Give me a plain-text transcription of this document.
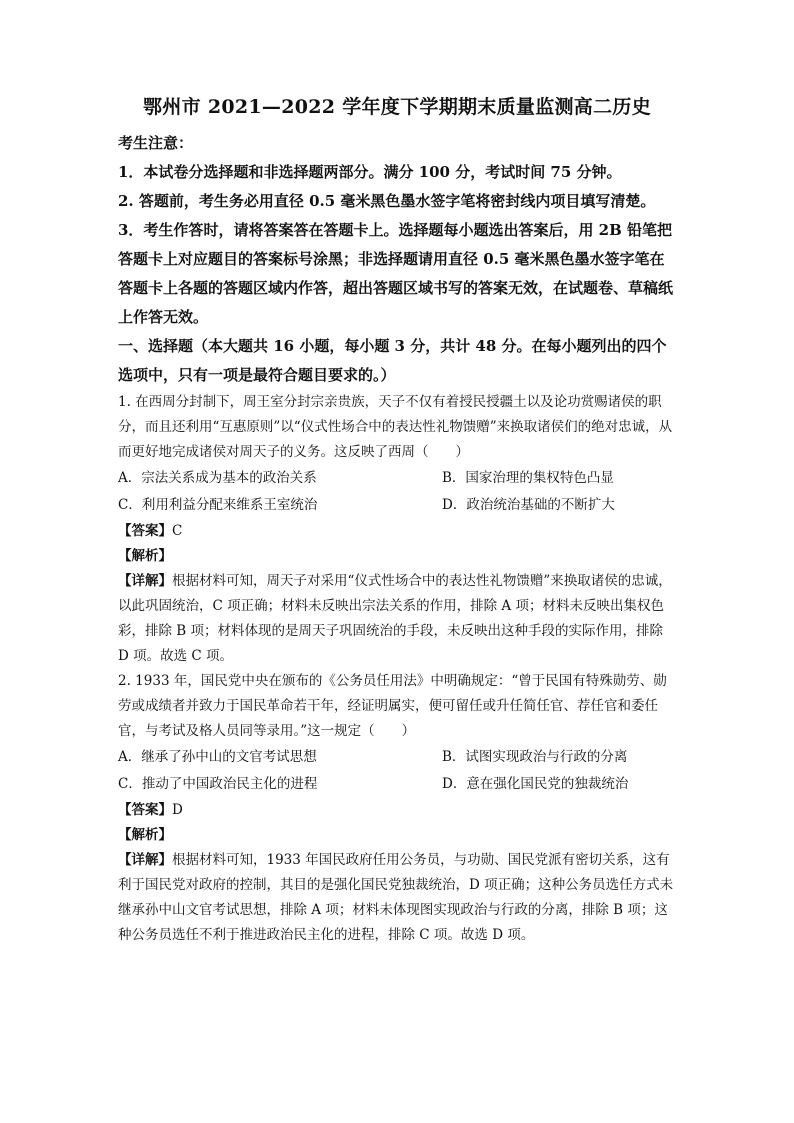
鄂州市 2021—2022 学年度下学期期末质量监测高二历史

考生注意：

1．本试卷分选择题和非选择题两部分。满分 100 分，考试时间 75 分钟。

2. 答题前，考生务必用直径 0.5 毫米黑色墨水签字笔将密封线内项目填写清楚。

3．考生作答时，请将答案答在答题卡上。选择题每小题选出答案后，用 2B 铅笔把答题卡上对应题目的答案标号涂黑；非选择题请用直径 0.5 毫米黑色墨水签字笔在答题卡上各题的答题区域内作答，超出答题区域书写的答案无效，在试题卷、草稿纸上作答无效。

一、选择题（本大题共 16 小题，每小题 3 分，共计 48 分。在每小题列出的四个选项中，只有一项是最符合题目要求的。）

1. 在西周分封制下，周王室分封宗亲贵族，天子不仅有着授民授疆土以及论功赏赐诸侯的职分，而且还利用“互惠原则”以“仪式性场合中的表达性礼物馈赠”来换取诸侯们的绝对忠诚，从而更好地完成诸侯对周天子的义务。这反映了西周（　　）

A．宗法关系成为基本的政治关系	B．国家治理的集权特色凸显
C．利用利益分配来维系王室统治	D．政治统治基础的不断扩大

【答案】C

【解析】

【详解】根据材料可知，周天子对采用“仪式性场合中的表达性礼物馈赠”来换取诸侯的忠诚，以此巩固统治，C 项正确；材料未反映出宗法关系的作用，排除 A 项；材料未反映出集权色彩，排除 B 项；材料体现的是周天子巩固统治的手段，未反映出这种手段的实际作用，排除 D 项。故选 C 项。

2. 1933 年，国民党中央在颁布的《公务员任用法》中明确规定：“曾于民国有特殊勋劳、勋劳或成绩者并致力于国民革命若干年，经证明属实，便可留任或升任简任官、荐任官和委任官，与考试及格人员同等录用。”这一规定（　　）

A．继承了孙中山的文官考试思想	B．试图实现政治与行政的分离
C．推动了中国政治民主化的进程	D．意在强化国民党的独裁统治

【答案】D

【解析】

【详解】根据材料可知，1933 年国民政府任用公务员，与功勋、国民党派有密切关系，这有利于国民党对政府的控制，其目的是强化国民党独裁统治，D 项正确；这种公务员选任方式未继承孙中山文官考试思想，排除 A 项；材料未体现图实现政治与行政的分离，排除 B 项；这种公务员选任不利于推进政治民主化的进程，排除 C 项。故选 D 项。
